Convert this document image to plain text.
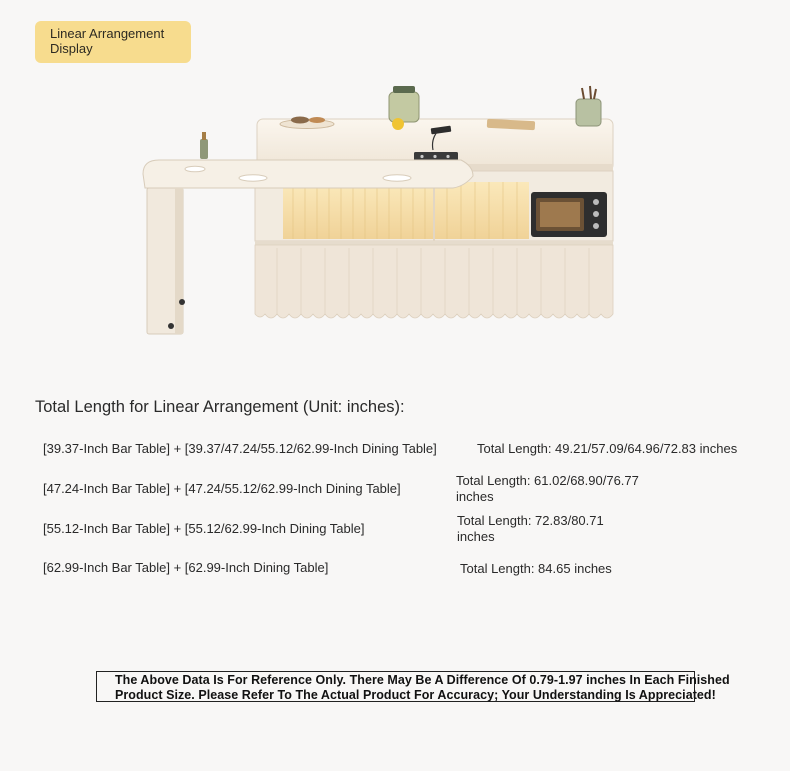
Linear Arrangement
Display
Total Length for Linear Arrangement (Unit: inches):
[39.37-Inch Bar Table] + [39.37/47.24/55.12/62.99-Inch Dining Table]	Total Length: 49.21/57.09/64.96/72.83 inches
[47.24-Inch Bar Table] + [47.24/55.12/62.99-Inch Dining Table]
Total Length: 61.02/68.90/76.77
inches
[55.12-Inch Bar Table] + [55.12/62.99-Inch Dining Table]
Total Length: 72.83/80.71
inches
[62.99-Inch Bar Table] + [62.99-Inch Dining Table]	Total Length: 84.65 inches
The Above Data Is For Reference Only. There May Be A Difference Of 0.79-1.97 inches In Each Finished
Product Size. Please Refer To The Actual Product For Accuracy; Your Understanding Is Appreciated!
